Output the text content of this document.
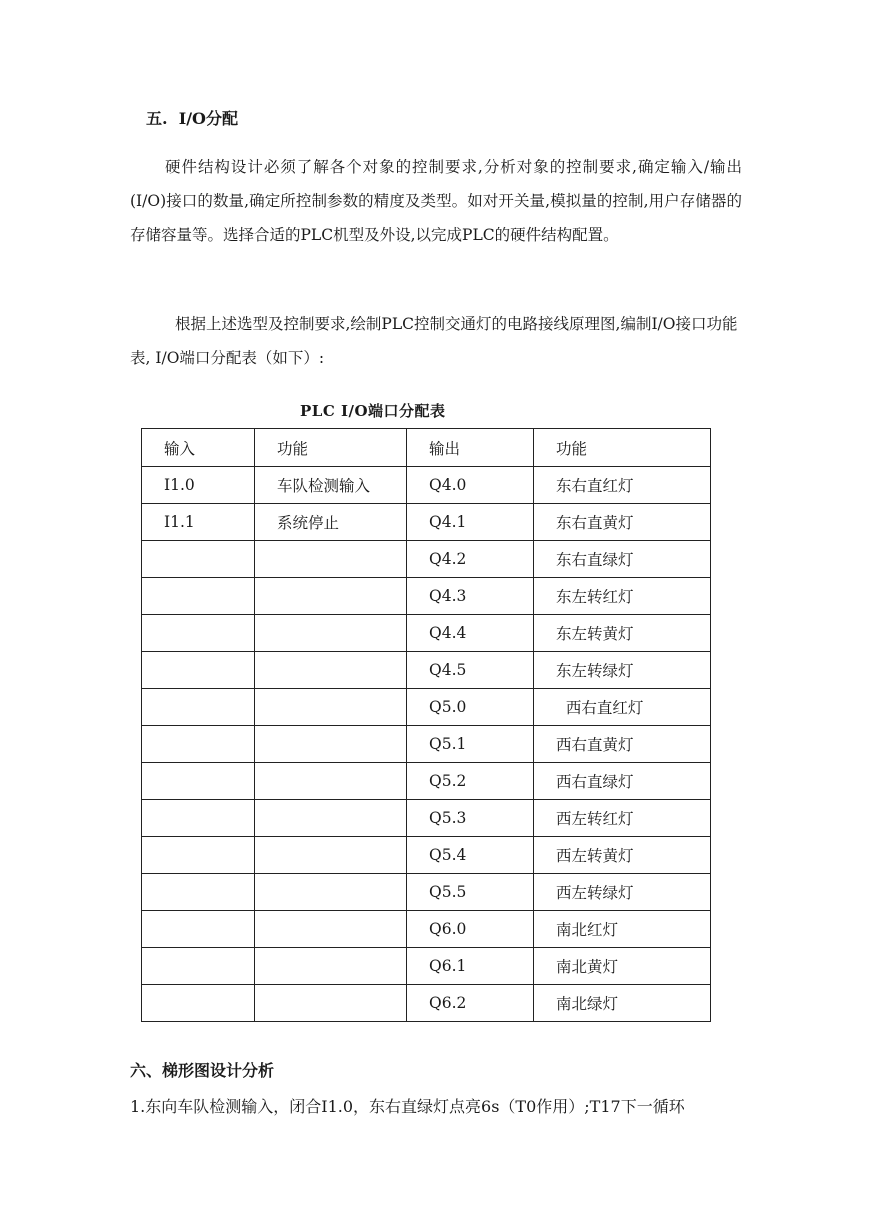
五.  I/O分配
硬件结构设计必须了解各个对象的控制要求,分析对象的控制要求,确定输入/输出(I/O)接口的数量,确定所控制参数的精度及类型。如对开关量,模拟量的控制,用户存储器的存储容量等。选择合适的PLC机型及外设,以完成PLC的硬件结构配置。
根据上述选型及控制要求,绘制PLC控制交通灯的电路接线原理图,编制I/O接口功能表, I/O端口分配表（如下）:
PLC I/O端口分配表
输入	功能	输出	功能
I1.0	车队检测输入	Q4.0	东右直红灯
I1.1	系统停止	Q4.1	东右直黄灯
		Q4.2	东右直绿灯
		Q4.3	东左转红灯
		Q4.4	东左转黄灯
		Q4.5	东左转绿灯
		Q5.0	西右直红灯
		Q5.1	西右直黄灯
		Q5.2	西右直绿灯
		Q5.3	西左转红灯
		Q5.4	西左转黄灯
		Q5.5	西左转绿灯
		Q6.0	南北红灯
		Q6.1	南北黄灯
		Q6.2	南北绿灯
六、梯形图设计分析
1.东向车队检测输入，闭合I1.0，东右直绿灯点亮6s（T0作用）;T17下一循环
